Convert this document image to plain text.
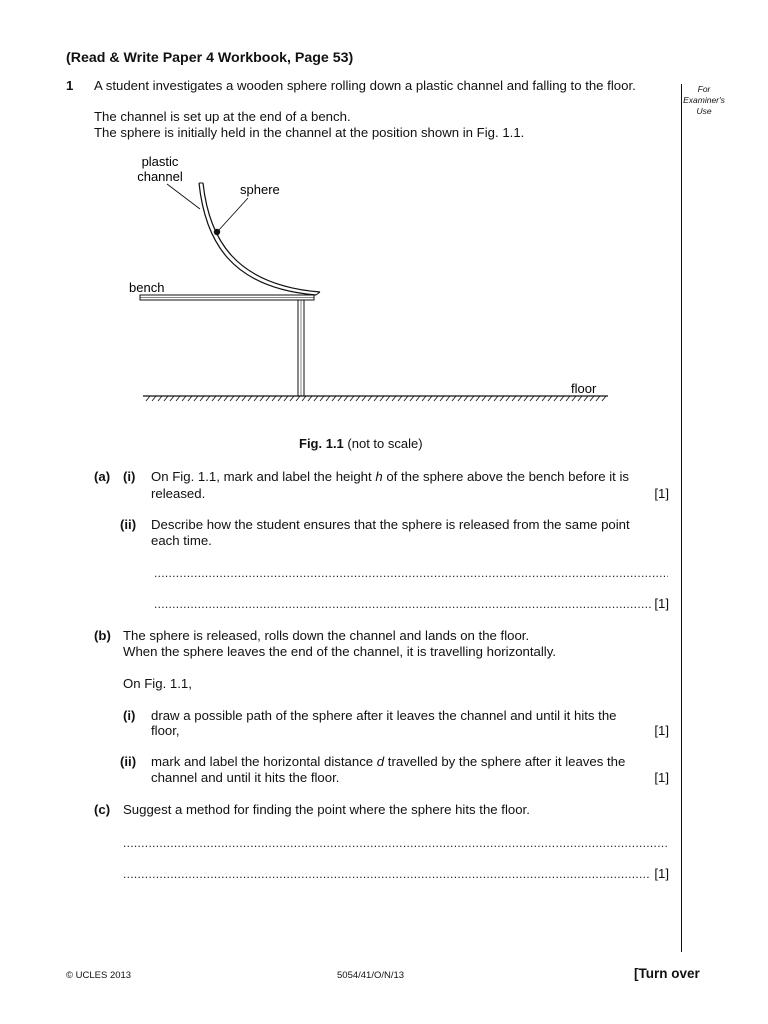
(Read & Write Paper 4 Workbook, Page 53)
For Examiner's Use
1 A student investigates a wooden sphere rolling down a plastic channel and falling to the floor.
The channel is set up at the end of a bench.
The sphere is initially held in the channel at the position shown in Fig. 1.1.
plastic
channel
sphere
bench
floor
Fig. 1.1 (not to scale)
(a) (i) On Fig. 1.1, mark and label the height h of the sphere above the bench before it is
released.	[1]
(ii) Describe how the student ensures that the sphere is released from the same point
each time.
.....
.....
[1]
(b) The sphere is released, rolls down the channel and lands on the floor.
When the sphere leaves the end of the channel, it is travelling horizontally.
On Fig. 1.1,
(i) draw a possible path of the sphere after it leaves the channel and until it hits the
floor,	[1]
(ii) mark and label the horizontal distance d travelled by the sphere after it leaves the
channel and until it hits the floor.	[1]
(c) Suggest a method for finding the point where the sphere hits the floor.
.....
.....
[1]
© UCLES 2013	5054/41/O/N/13	[Turn over
